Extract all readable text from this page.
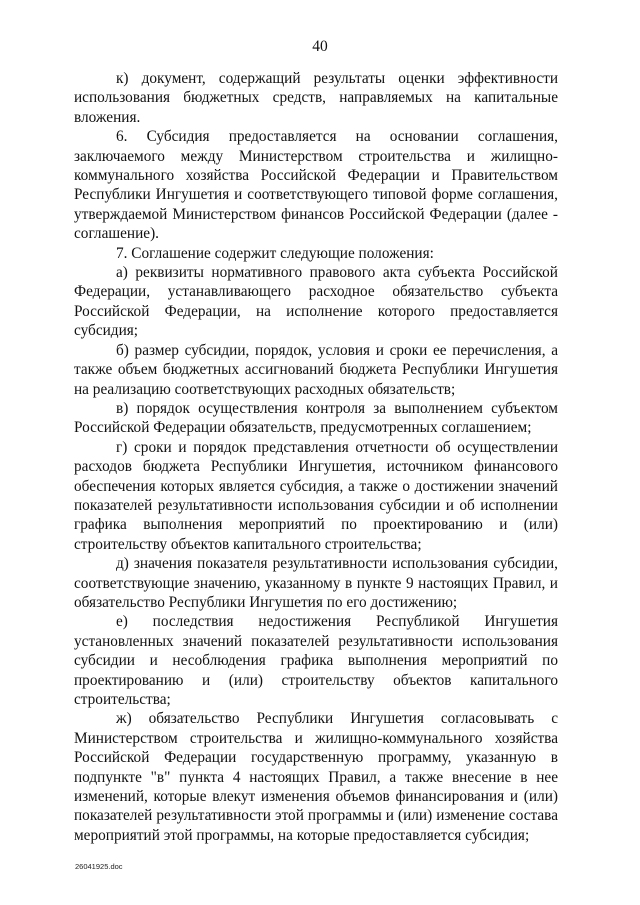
40

к) документ, содержащий результаты оценки эффективности использования бюджетных средств, направляемых на капитальные вложения.

6. Субсидия предоставляется на основании соглашения, заключаемого между Министерством строительства и жилищно-коммунального хозяйства Российской Федерации и Правительством Республики Ингушетия и соответствующего типовой форме соглашения, утверждаемой Министерством финансов Российской Федерации (далее - соглашение).

7. Соглашение содержит следующие положения:

а) реквизиты нормативного правового акта субъекта Российской Федерации, устанавливающего расходное обязательство субъекта Российской Федерации, на исполнение которого предоставляется субсидия;

б) размер субсидии, порядок, условия и сроки ее перечисления, а также объем бюджетных ассигнований бюджета Республики Ингушетия на реализацию соответствующих расходных обязательств;

в) порядок осуществления контроля за выполнением субъектом Российской Федерации обязательств, предусмотренных соглашением;

г) сроки и порядок представления отчетности об осуществлении расходов бюджета Республики Ингушетия, источником финансового обеспечения которых является субсидия, а также о достижении значений показателей результативности использования субсидии и об исполнении графика выполнения мероприятий по проектированию и (или) строительству объектов капитального строительства;

д) значения показателя результативности использования субсидии, соответствующие значению, указанному в пункте 9 настоящих Правил, и обязательство Республики Ингушетия по его достижению;

е) последствия недостижения Республикой Ингушетия установленных значений показателей результативности использования субсидии и несоблюдения графика выполнения мероприятий по проектированию и (или) строительству объектов капитального строительства;

ж) обязательство Республики Ингушетия согласовывать с Министерством строительства и жилищно-коммунального хозяйства Российской Федерации государственную программу, указанную в подпункте "в" пункта 4 настоящих Правил, а также внесение в нее изменений, которые влекут изменения объемов финансирования и (или) показателей результативности этой программы и (или) изменение состава мероприятий этой программы, на которые предоставляется субсидия;

26041925.doc
